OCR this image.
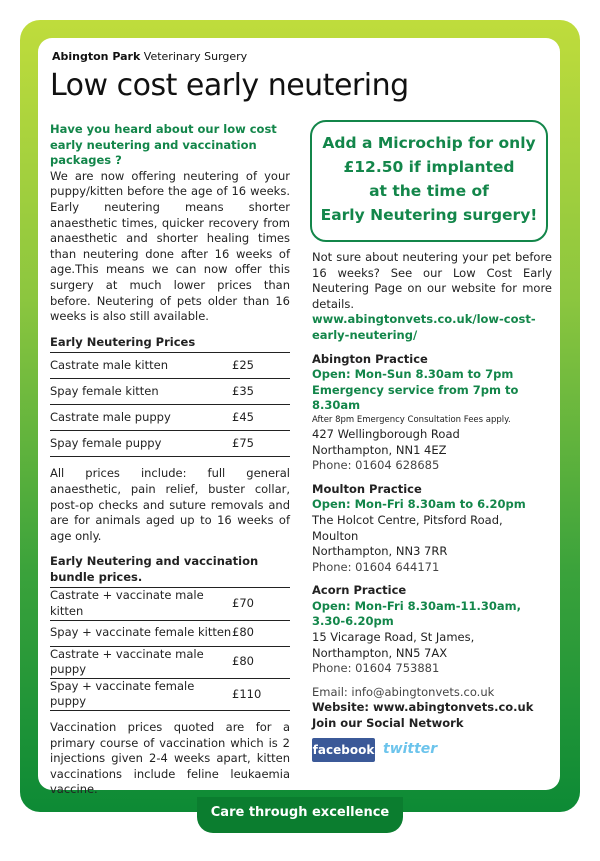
Care through excellence 24/7
Abington Park Veterinary Surgery
Low cost early neutering

Have you heard about our low cost early neutering and vaccination packages ?

We are now offering neutering of your puppy/kitten before the age of 16 weeks. Early neutering means shorter anaesthetic times, quicker recovery from anaesthetic and shorter healing times than neutering done after 16 weeks of age.This means we can now offer this surgery at much lower prices than before. Neutering of pets older than 16 weeks is also still available.

Early Neutering Prices
Castrate male kitten	£25
Spay female kitten	£35
Castrate male puppy	£45
Spay female puppy	£75

All prices include: full general anaesthetic, pain relief, buster collar, post-op checks and suture removals and are for animals aged up to 16 weeks of age only.

Early Neutering and vaccination bundle prices.
Castrate + vaccinate male kitten	£70
Spay + vaccinate female kitten	£80
Castrate + vaccinate male puppy	£80
Spay + vaccinate female puppy	£110

Vaccination prices quoted are for a primary course of vaccination which is 2 injections given 2-4 weeks apart, kitten vaccinations include feline leukaemia vaccine.

Add a Microchip for only
£12.50 if implanted
at the time of
Early Neutering surgery!

Not sure about neutering your pet before 16 weeks? See our Low Cost Early Neutering Page on our website for more details.

www.abingtonvets.co.uk/low-cost-early-neutering/

Abington Practice

Open: Mon-Sun 8.30am to 7pm

Emergency service from 7pm to 8.30am

After 8pm Emergency Consultation Fees apply.

427 Wellingborough Road

Northampton, NN1 4EZ

Phone: 01604 628685

Moulton Practice

Open: Mon-Fri 8.30am to 6.20pm

The Holcot Centre, Pitsford Road, Moulton

Northampton, NN3 7RR

Phone: 01604 644171

Acorn Practice

Open: Mon-Fri 8.30am-11.30am,

3.30-6.20pm

15 Vicarage Road, St James,

Northampton, NN5 7AX

Phone: 01604 753881

Email: info@abingtonvets.co.uk

Website: www.abingtonvets.co.uk

Join our Social Network

facebook twitter
